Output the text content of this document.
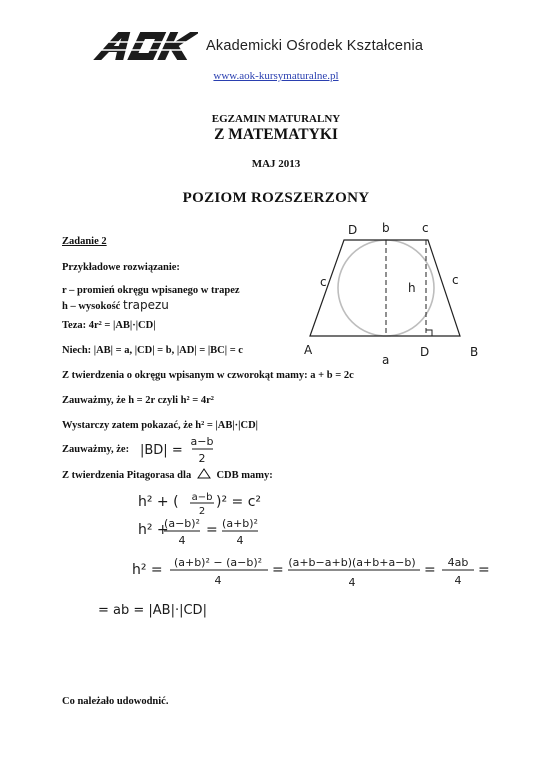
Akademicki Ośrodek Kształcenia
www.aok-kursymaturalne.pl
EGZAMIN MATURALNY
Z MATEMATYKI
MAJ 2013
POZIOM ROZSZERZONY
Zadanie 2
Przykładowe rozwiązanie:
r – promień okręgu wpisanego w trapez
h – wysokość trapezu
Teza: 4r² = |AB|·|CD|
Niech: |AB| = a, |CD| = b, |AD| = |BC| = c
Z twierdzenia o okręgu wpisanym w czworokąt mamy: a + b = 2c
Zauważmy, że h = 2r czyli h² = 4r²
Wystarczy zatem pokazać, że h² = |AB|·|CD|
Zauważmy, że: |BD| =
a−b
2
Z twierdzenia Pitagorasa dla CDB mamy:
h² + ( a−b
2
)² = c²
h² +
(a−b)²
4
= (a+b)²
4
h² = (a+b)² − (a−b)²
4
= (a+b−a+b)(a+b+a−b)
4
= 4ab
4
=
= ab = |AB|·|CD|
Co należało udowodnić.
D b	c
c	c
h
A
a
D	B
